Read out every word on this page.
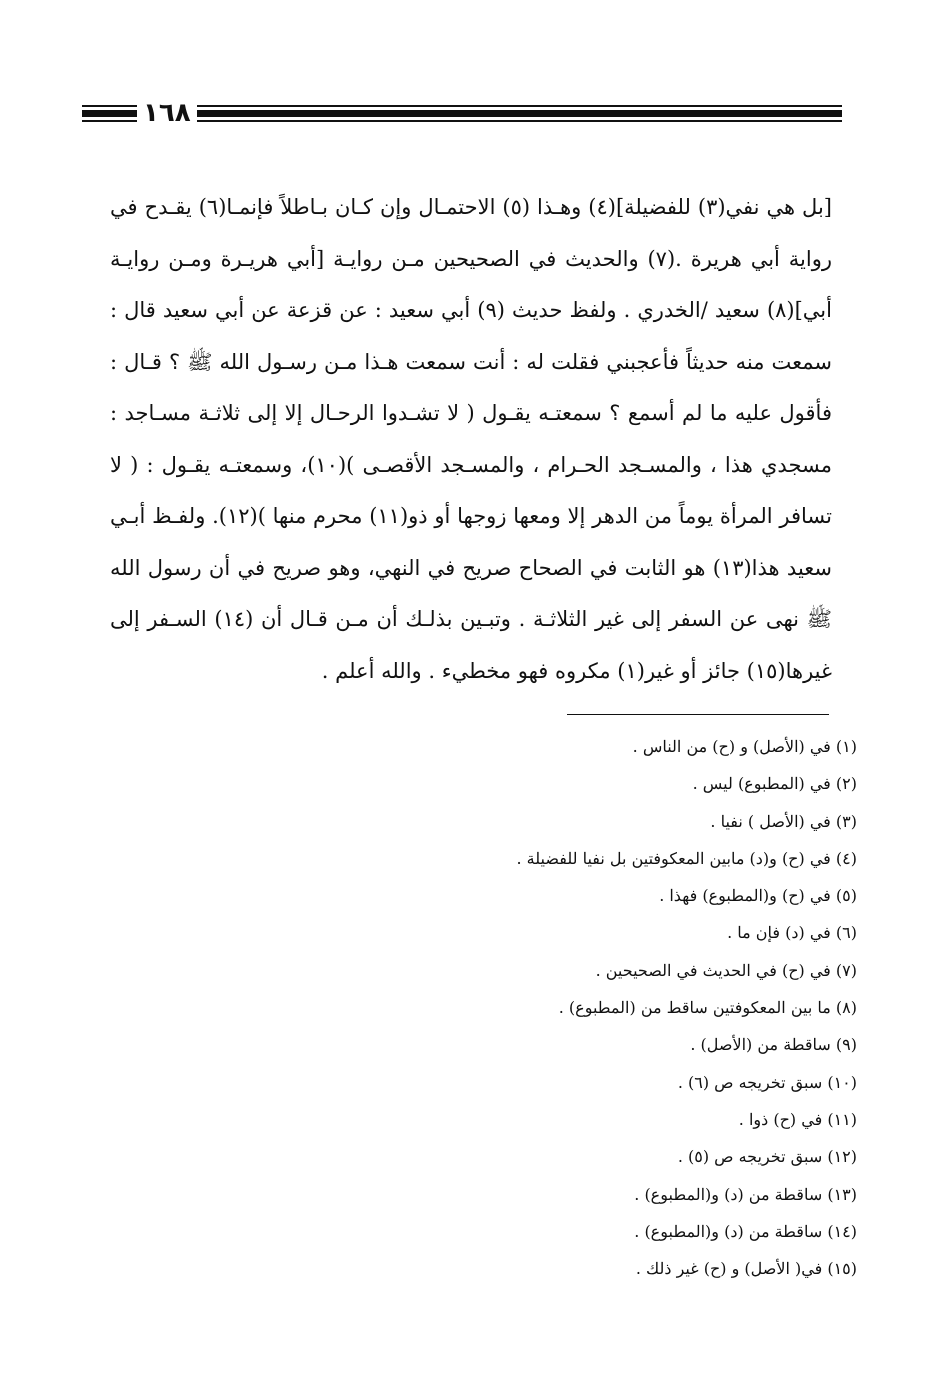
١٦٨

[بل هي نفي(٣) للفضيلة](٤) وهـذا (٥) الاحتمـال وإن كـان بـاطلاً فإنمـا(٦) يقـدح في
رواية أبي هريرة .(٧) والحديث في الصحيحين مـن روايـة [أبي هريـرة ومـن روايـة
أبي](٨) سعيد /الخدري . ولفظ حديث (٩) أبي سعيد : عن قزعة عن أبي سعيد قال :
سمعت منه حديثاً فأعجبني فقلت له : أنت سمعت هـذا مـن رسـول الله ﷺ ؟ قـال :
فأقول عليه ما لم أسمع ؟ سمعتـه يقـول ( لا تشـدوا الرحـال إلا إلى ثلاثـة مسـاجد :
مسجدي هذا ، والمسـجد الحـرام ، والمسـجد الأقصـى )(١٠)، وسمعتـه يقـول : ( لا
تسافر المرأة يوماً من الدهر إلا ومعها زوجها أو ذو(١١) محرم منها )(١٢). ولفـظ أبـي
سعيد هذا(١٣) هو الثابت في الصحاح صريح في النهي، وهو صريح في أن رسول الله
ﷺ نهى عن السفر إلى غير الثلاثـة . وتبـين بذلـك أن مـن قـال أن (١٤) السـفر إلى
غيرها(١٥) جائز أو غير(١) مكروه فهو مخطيء . والله أعلم .

(١) في (الأصل) و (ح) من الناس .
(٢) في (المطبوع) ليس .
(٣) في (الأصل ) نفيا .
(٤) في (ح) و(د) مابين المعكوفتين بل نفيا للفضيلة .
(٥) في (ح) و(المطبوع) فهذا .
(٦) في (د) فإن ما .
(٧) في (ح) في الحديث في الصحيحين .
(٨) ما بين المعكوفتين ساقط من (المطبوع) .
(٩) ساقطة من (الأصل) .
(١٠) سبق تخريجه ص (٦) .
(١١) في (ح) ذوا .
(١٢) سبق تخريجه ص (٥) .
(١٣) ساقطة من (د) و(المطبوع) .
(١٤) ساقطة من (د) و(المطبوع) .
(١٥) في( الأصل) و (ح) غير ذلك .
